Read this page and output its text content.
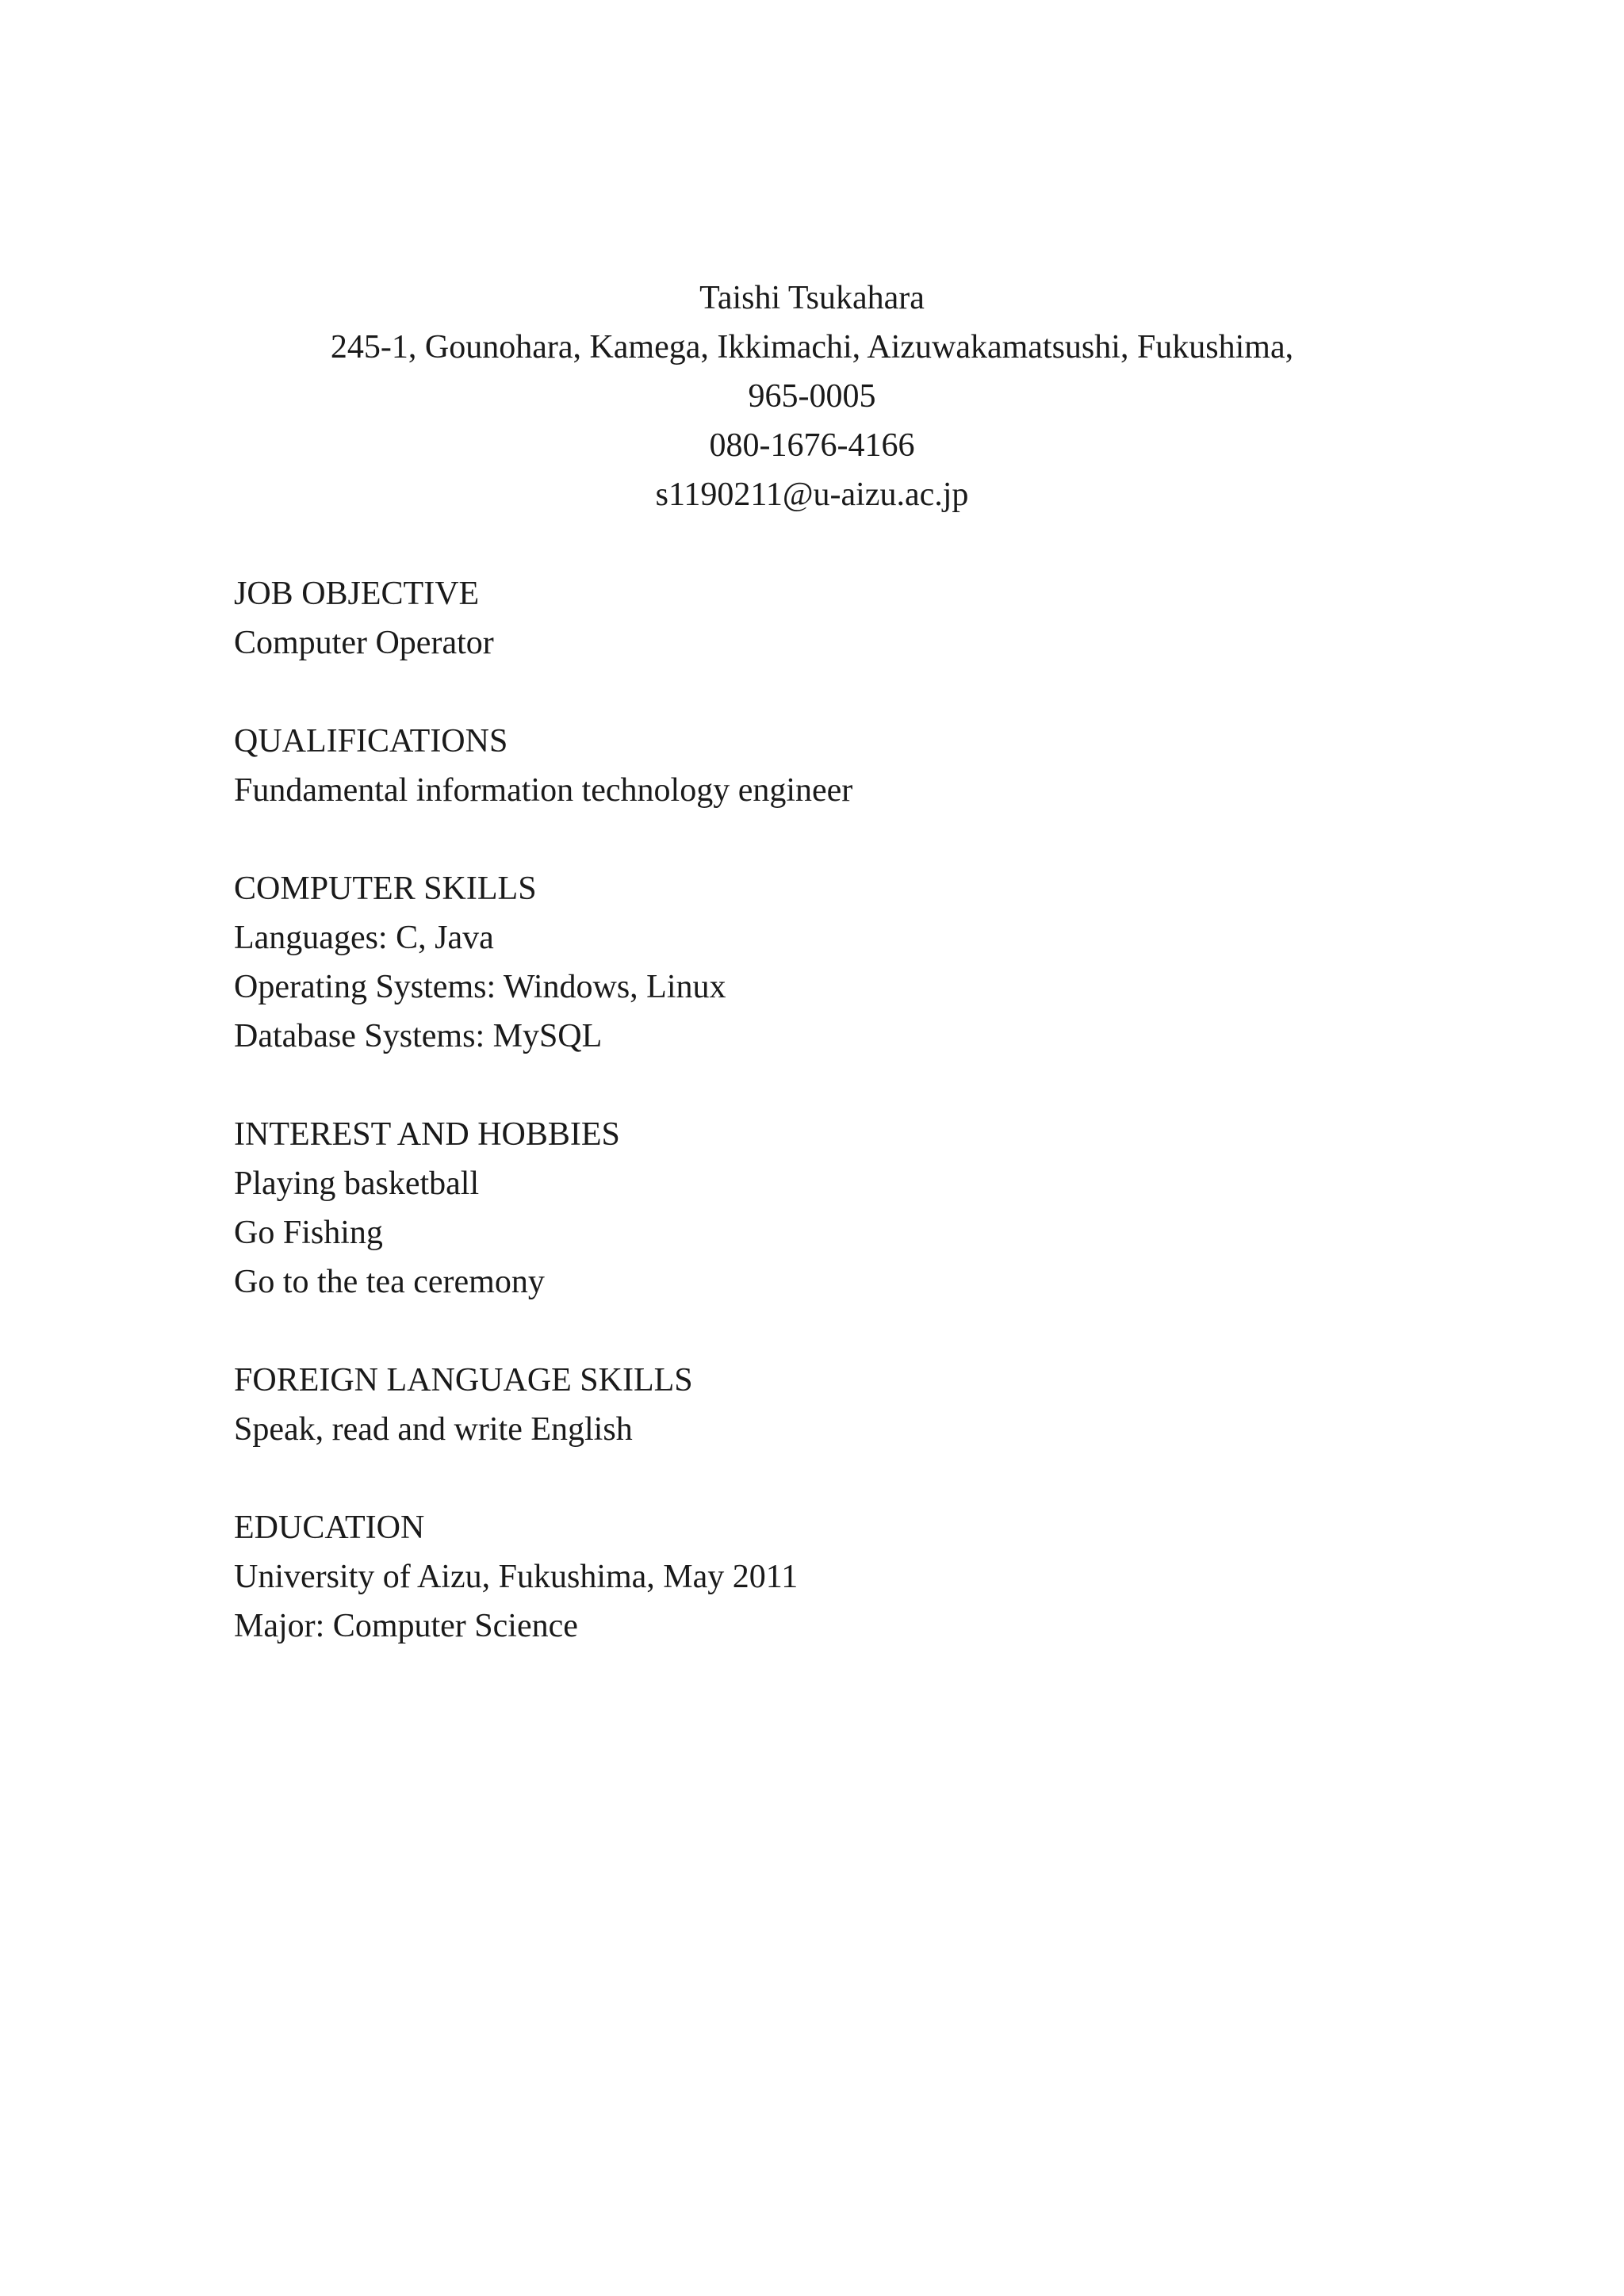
Taishi Tsukahara
245-1, Gounohara, Kamega, Ikkimachi, Aizuwakamatsushi, Fukushima,
965-0005
080-1676-4166
s1190211@u-aizu.ac.jp
JOB OBJECTIVE
Computer Operator
QUALIFICATIONS
Fundamental information technology engineer
COMPUTER SKILLS
Languages: C, Java
Operating Systems: Windows, Linux
Database Systems: MySQL
INTEREST AND HOBBIES
Playing basketball
Go Fishing
Go to the tea ceremony
FOREIGN LANGUAGE SKILLS
Speak, read and write English
EDUCATION
University of Aizu, Fukushima, May 2011
Major: Computer Science
